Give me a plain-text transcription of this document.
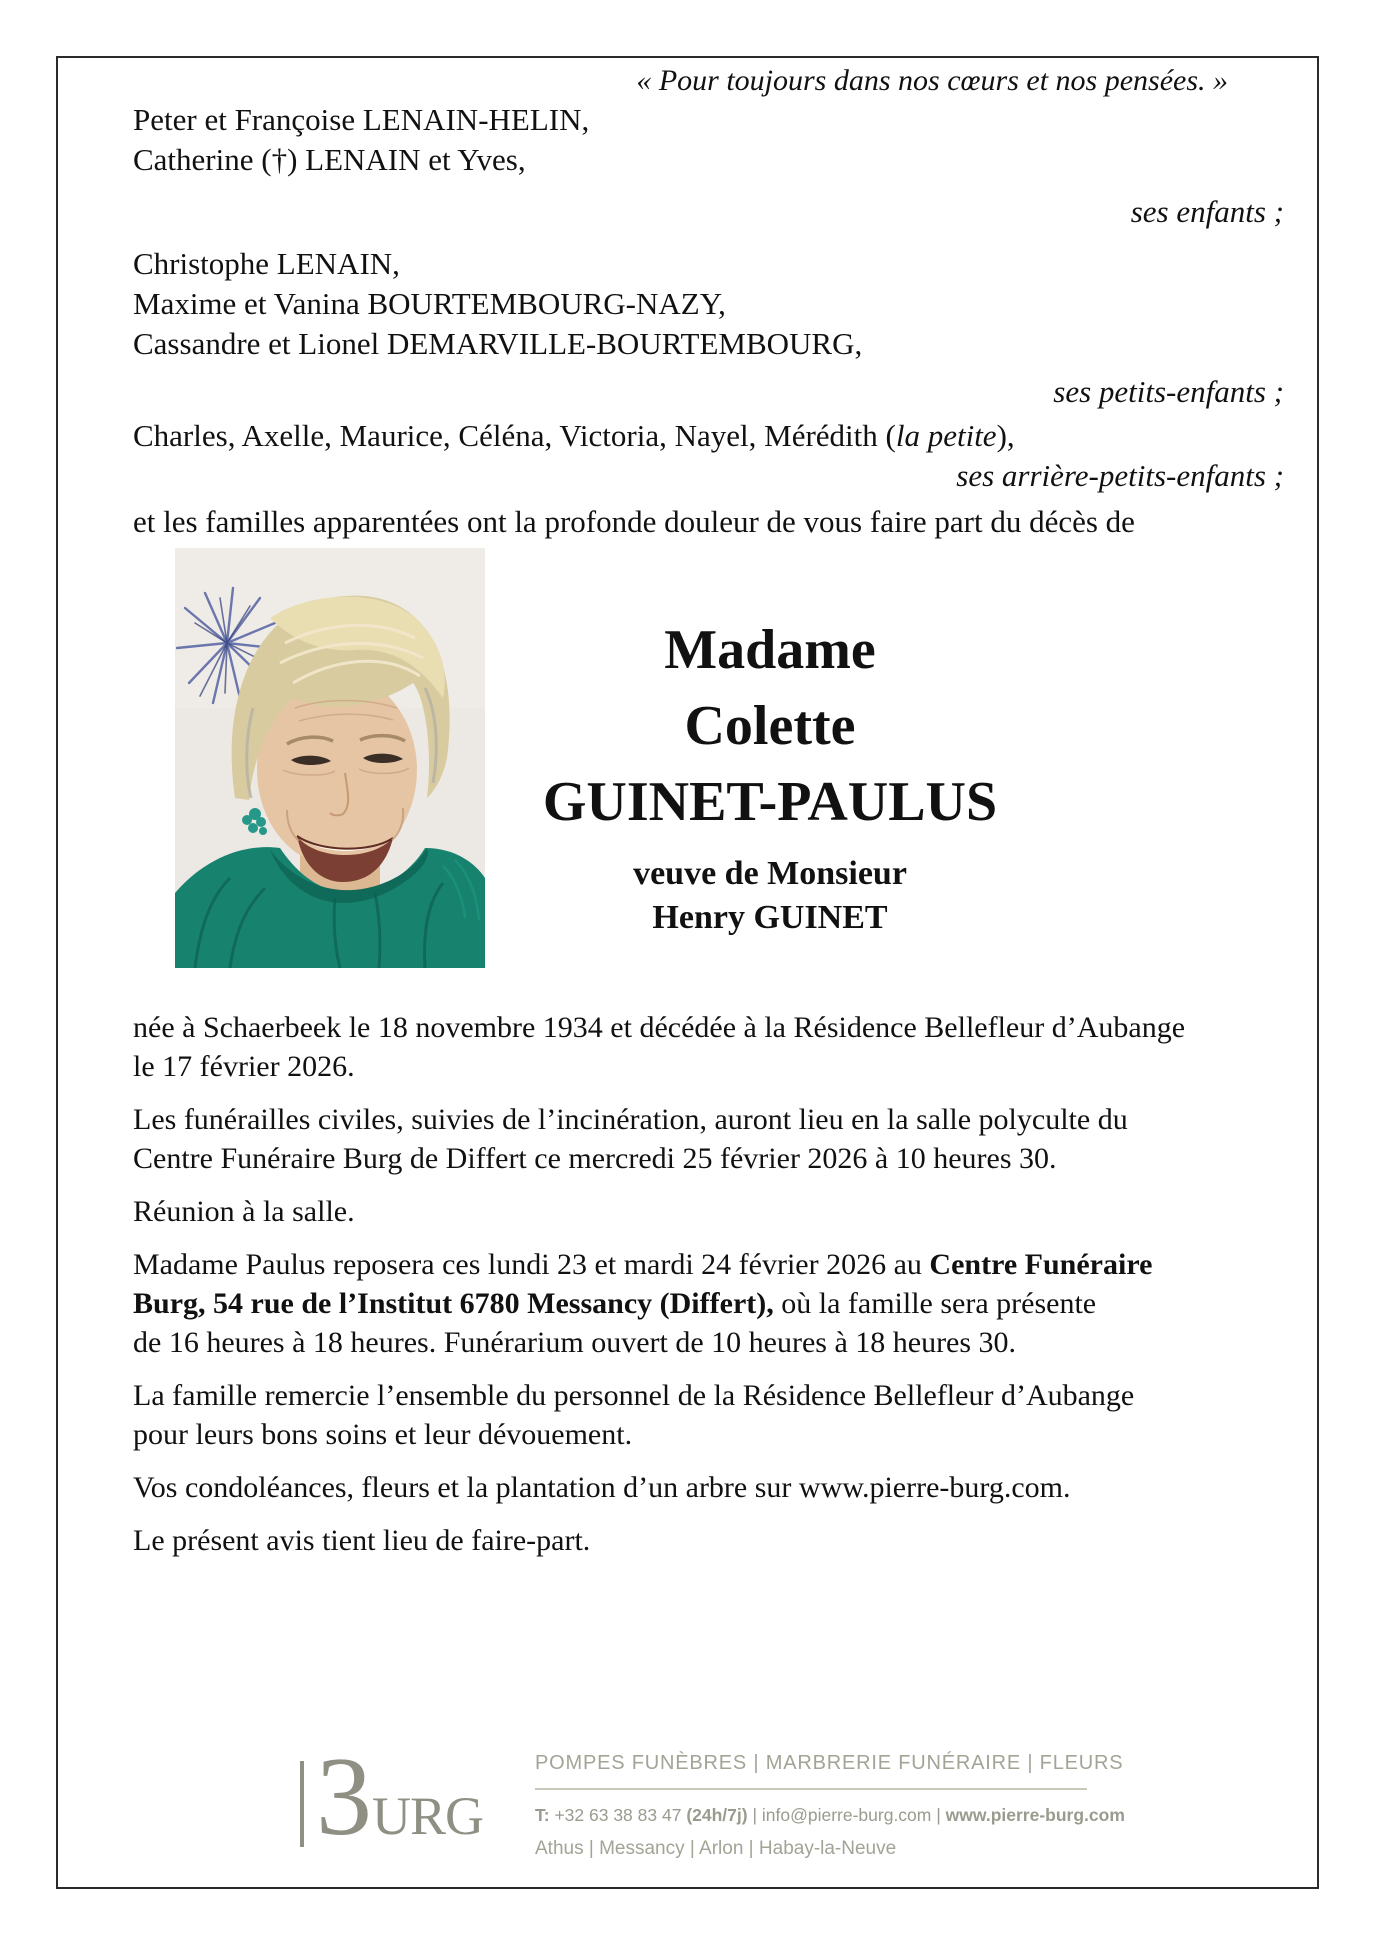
« Pour toujours dans nos cœurs et nos pensées. »
Peter et Françoise LENAIN-HELIN,
Catherine (†) LENAIN et Yves,
ses enfants ;
Christophe LENAIN,
Maxime et Vanina BOURTEMBOURG-NAZY,
Cassandre et Lionel DEMARVILLE-BOURTEMBOURG,
ses petits-enfants ;
Charles, Axelle, Maurice, Céléna, Victoria, Nayel, Mérédith (la petite),
ses arrière-petits-enfants ;
et les familles apparentées ont la profonde douleur de vous faire part du décès de
Madame
Colette
GUINET-PAULUS
veuve de Monsieur
Henry GUINET
née à Schaerbeek le 18 novembre 1934 et décédée à la Résidence Bellefleur d’Aubange
le 17 février 2026.
Les funérailles civiles, suivies de l’incinération, auront lieu en la salle polyculte du
Centre Funéraire Burg de Differt ce mercredi 25 février 2026 à 10 heures 30.
Réunion à la salle.
Madame Paulus reposera ces lundi 23 et mardi 24 février 2026 au Centre Funéraire
Burg, 54 rue de l’Institut 6780 Messancy (Differt), où la famille sera présente
de 16 heures à 18 heures. Funérarium ouvert de 10 heures à 18 heures 30.
La famille remercie l’ensemble du personnel de la Résidence Bellefleur d’Aubange
pour leurs bons soins et leur dévouement.
Vos condoléances, fleurs et la plantation d’un arbre sur www.pierre-burg.com.
Le présent avis tient lieu de faire-part.
3 URG
POMPES FUNÈBRES | MARBRERIE FUNÉRAIRE | FLEURS
T: +32 63 38 83 47 (24h/7j) | info@pierre-burg.com | www.pierre-burg.com
Athus | Messancy | Arlon | Habay-la-Neuve
